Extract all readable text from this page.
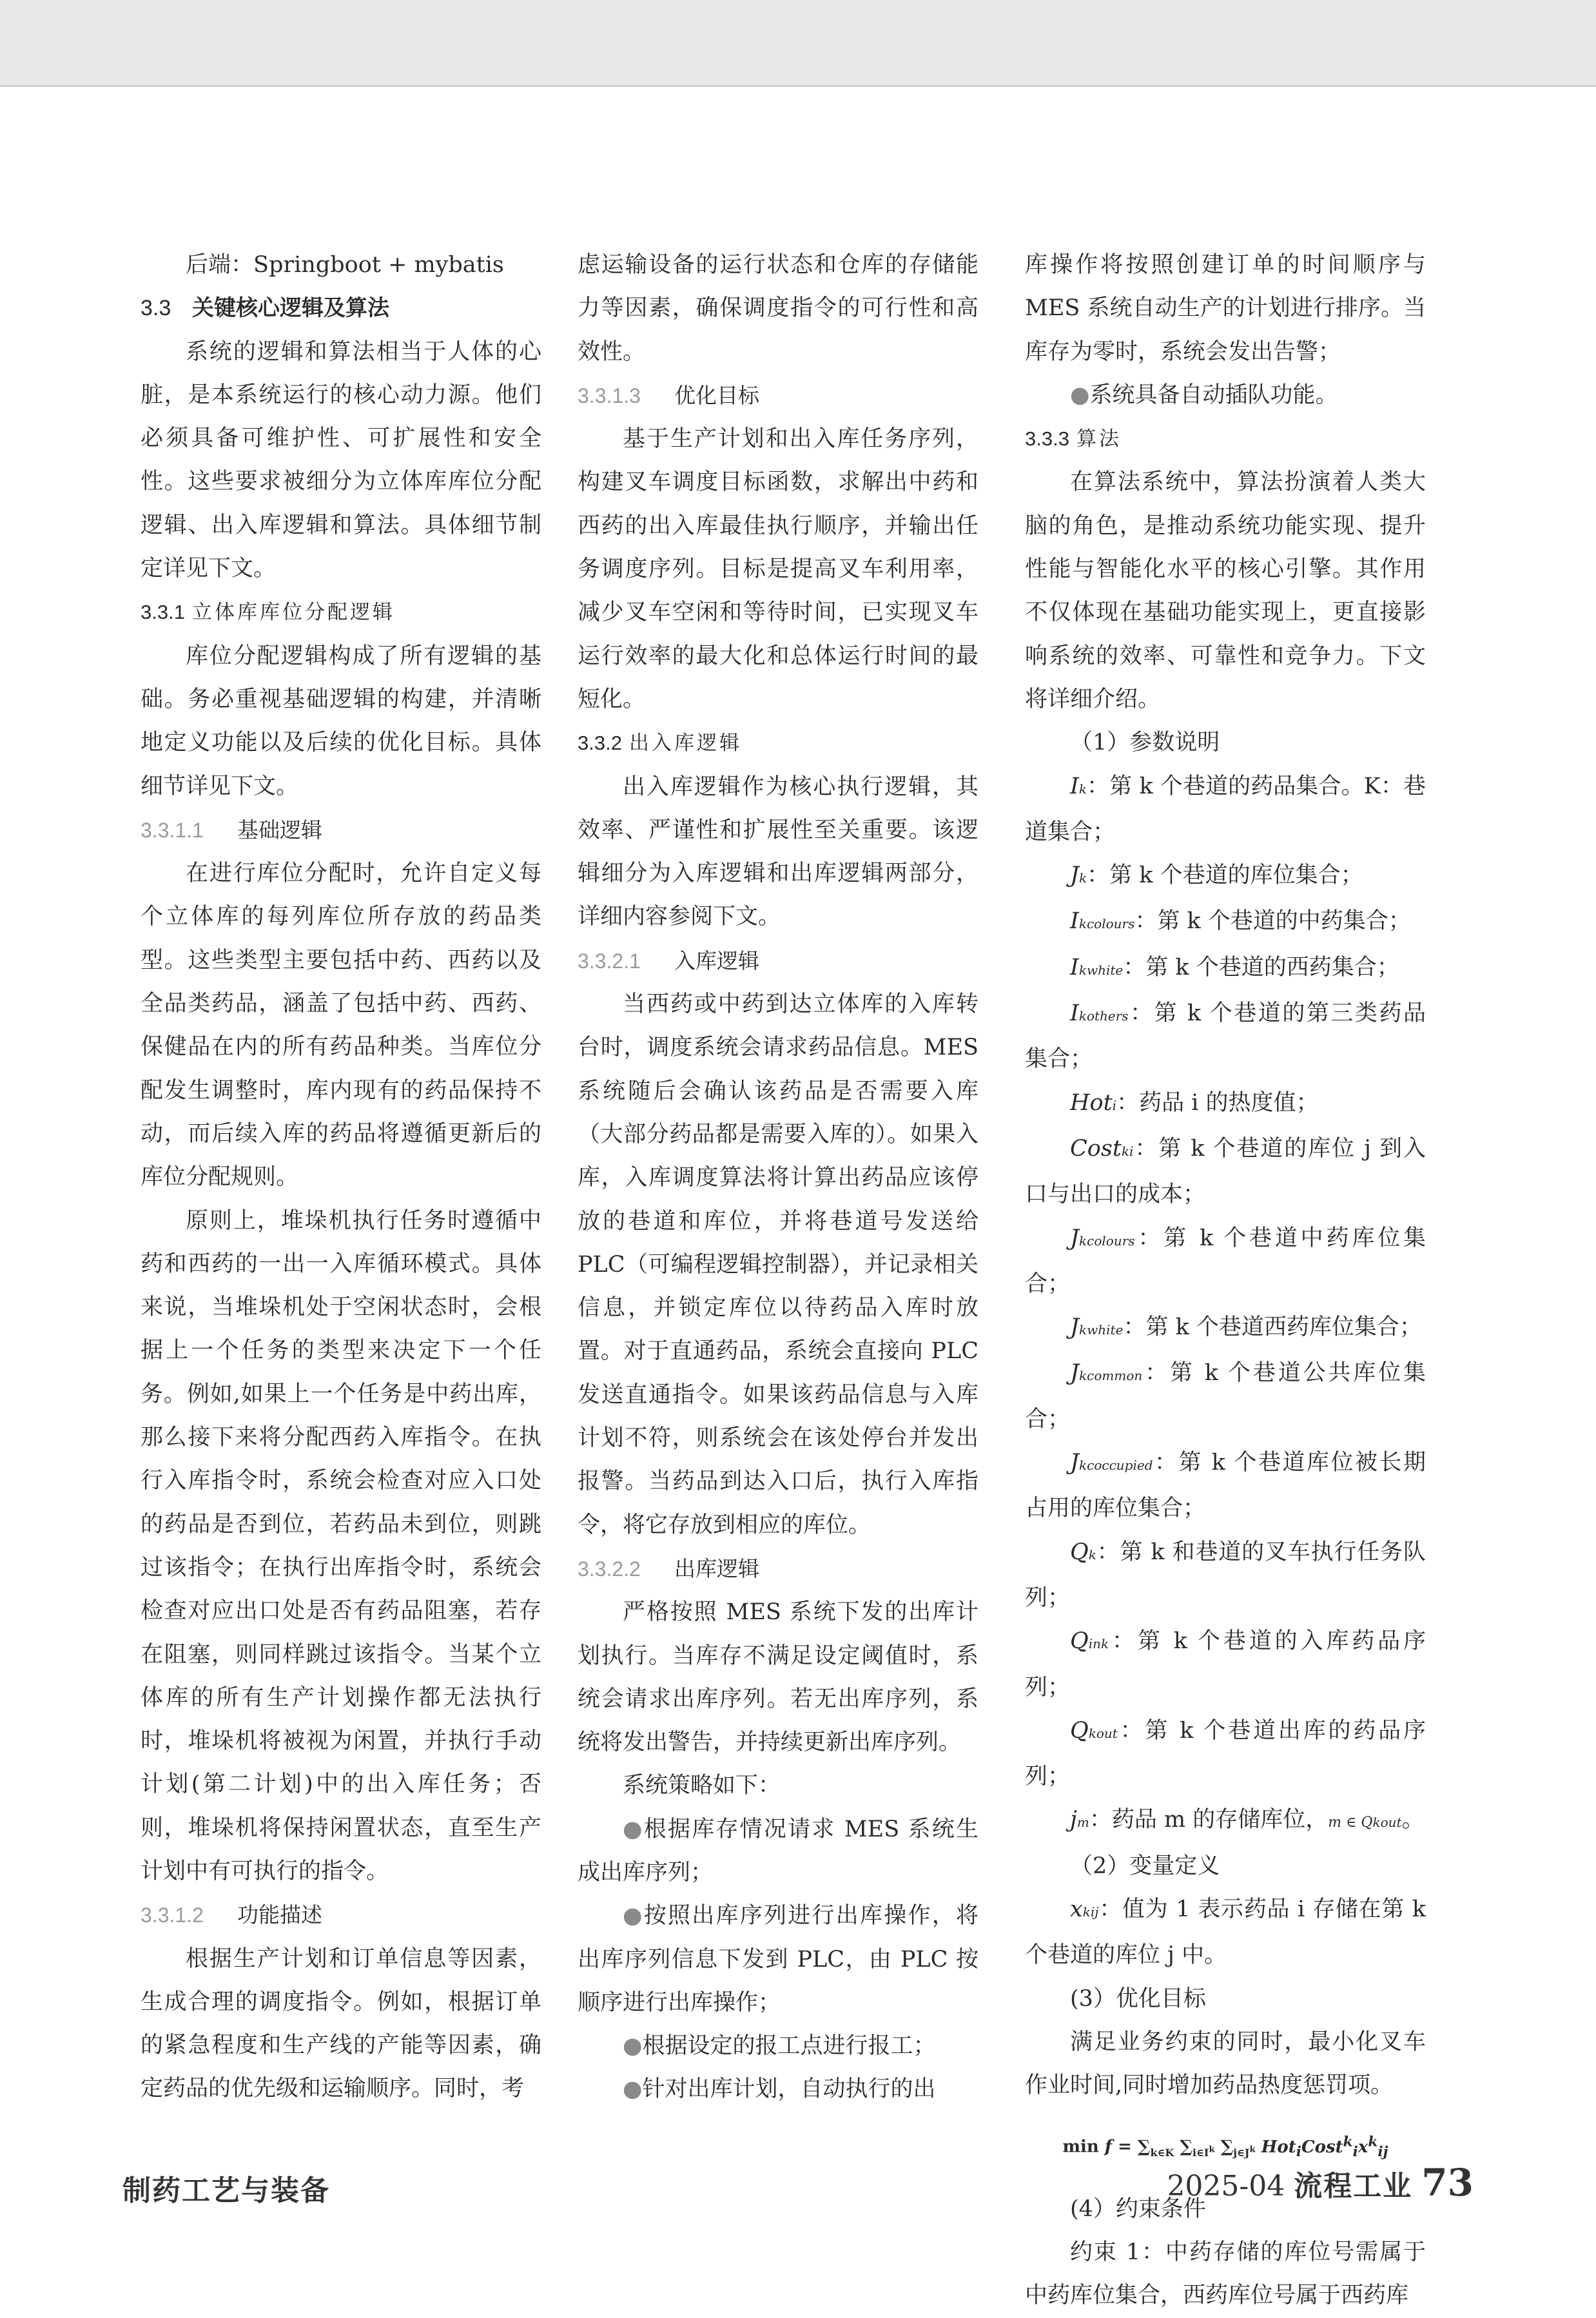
后端：Springboot + mybatis

3.3 关键核心逻辑及算法

系统的逻辑和算法相当于人体的心脏，是本系统运行的核心动力源。他们必须具备可维护性、可扩展性和安全性。这些要求被细分为立体库库位分配逻辑、出入库逻辑和算法。具体细节制定详见下文。

3.3.1 立体库库位分配逻辑

库位分配逻辑构成了所有逻辑的基础。务必重视基础逻辑的构建，并清晰地定义功能以及后续的优化目标。具体细节详见下文。

3.3.1.1 基础逻辑

在进行库位分配时，允许自定义每个立体库的每列库位所存放的药品类型。这些类型主要包括中药、西药以及全品类药品，涵盖了包括中药、西药、保健品在内的所有药品种类。当库位分配发生调整时，库内现有的药品保持不动，而后续入库的药品将遵循更新后的库位分配规则。

原则上，堆垛机执行任务时遵循中药和西药的一出一入库循环模式。具体来说，当堆垛机处于空闲状态时，会根据上一个任务的类型来决定下一个任务。例如,如果上一个任务是中药出库，那么接下来将分配西药入库指令。在执行入库指令时，系统会检查对应入口处的药品是否到位，若药品未到位，则跳过该指令；在执行出库指令时，系统会检查对应出口处是否有药品阻塞，若存在阻塞，则同样跳过该指令。当某个立体库的所有生产计划操作都无法执行时，堆垛机将被视为闲置，并执行手动计划(第二计划)中的出入库任务；否则，堆垛机将保持闲置状态，直至生产计划中有可执行的指令。

3.3.1.2 功能描述

根据生产计划和订单信息等因素，生成合理的调度指令。例如，根据订单的紧急程度和生产线的产能等因素，确定药品的优先级和运输顺序。同时，考

虑运输设备的运行状态和仓库的存储能力等因素，确保调度指令的可行性和高效性。

3.3.1.3 优化目标

基于生产计划和出入库任务序列，构建叉车调度目标函数，求解出中药和西药的出入库最佳执行顺序，并输出任务调度序列。目标是提高叉车利用率，减少叉车空闲和等待时间，已实现叉车运行效率的最大化和总体运行时间的最短化。

3.3.2 出入库逻辑

出入库逻辑作为核心执行逻辑，其效率、严谨性和扩展性至关重要。该逻辑细分为入库逻辑和出库逻辑两部分，详细内容参阅下文。

3.3.2.1 入库逻辑

当西药或中药到达立体库的入库转台时，调度系统会请求药品信息。MES 系统随后会确认该药品是否需要入库（大部分药品都是需要入库的）。如果入库，入库调度算法将计算出药品应该停放的巷道和库位，并将巷道号发送给 PLC（可编程逻辑控制器），并记录相关信息，并锁定库位以待药品入库时放置。对于直通药品，系统会直接向 PLC 发送直通指令。如果该药品信息与入库计划不符，则系统会在该处停台并发出报警。当药品到达入口后，执行入库指令，将它存放到相应的库位。

3.3.2.2 出库逻辑

严格按照 MES 系统下发的出库计划执行。当库存不满足设定阈值时，系统会请求出库序列。若无出库序列，系统将发出警告，并持续更新出库序列。

系统策略如下：

●根据库存情况请求 MES 系统生成出库序列；

●按照出库序列进行出库操作，将出库序列信息下发到 PLC，由 PLC 按顺序进行出库操作；

●根据设定的报工点进行报工；

●针对出库计划，自动执行的出

库操作将按照创建订单的时间顺序与 MES 系统自动生产的计划进行排序。当库存为零时，系统会发出告警；

●系统具备自动插队功能。

3.3.3 算法

在算法系统中，算法扮演着人类大脑的角色，是推动系统功能实现、提升性能与智能化水平的核心引擎。其作用不仅体现在基础功能实现上，更直接影响系统的效率、可靠性和竞争力。下文将详细介绍。

（1）参数说明

Ik：第 k 个巷道的药品集合。K：巷道集合；

Jk：第 k 个巷道的库位集合；

Ikcolours：第 k 个巷道的中药集合；

Ikwhite：第 k 个巷道的西药集合；

Ikothers：第 k 个巷道的第三类药品集合；

Hoti：药品 i 的热度值；

Costki：第 k 个巷道的库位 j 到入口与出口的成本；

Jkcolours：第 k 个巷道中药库位集合；

Jkwhite：第 k 个巷道西药库位集合；

Jkcommon：第 k 个巷道公共库位集合；

Jkcoccupied：第 k 个巷道库位被长期占用的库位集合；

Qk：第 k 和巷道的叉车执行任务队列；

Qink：第 k 个巷道的入库药品序列；

Qkout：第 k 个巷道出库的药品序列；

jm：药品 m 的存储库位，m ∈ Qkout。

（2）变量定义

xkij：值为 1 表示药品 i 存储在第 k 个巷道的库位 j 中。

(3）优化目标

满足业务约束的同时，最小化叉车作业时间,同时增加药品热度惩罚项。

$\min f = \sum_{k\in K}$ $\sum_{i\in I^k}$ $\sum_{j\in J^k}$ $Hot_iCost^k_ix^k_{ij}$

(4）约束条件

约束 1：中药存储的库位号需属于中药库位集合，西药库位号属于西药库

制药工艺与装备	2025-04 流程工业 73
